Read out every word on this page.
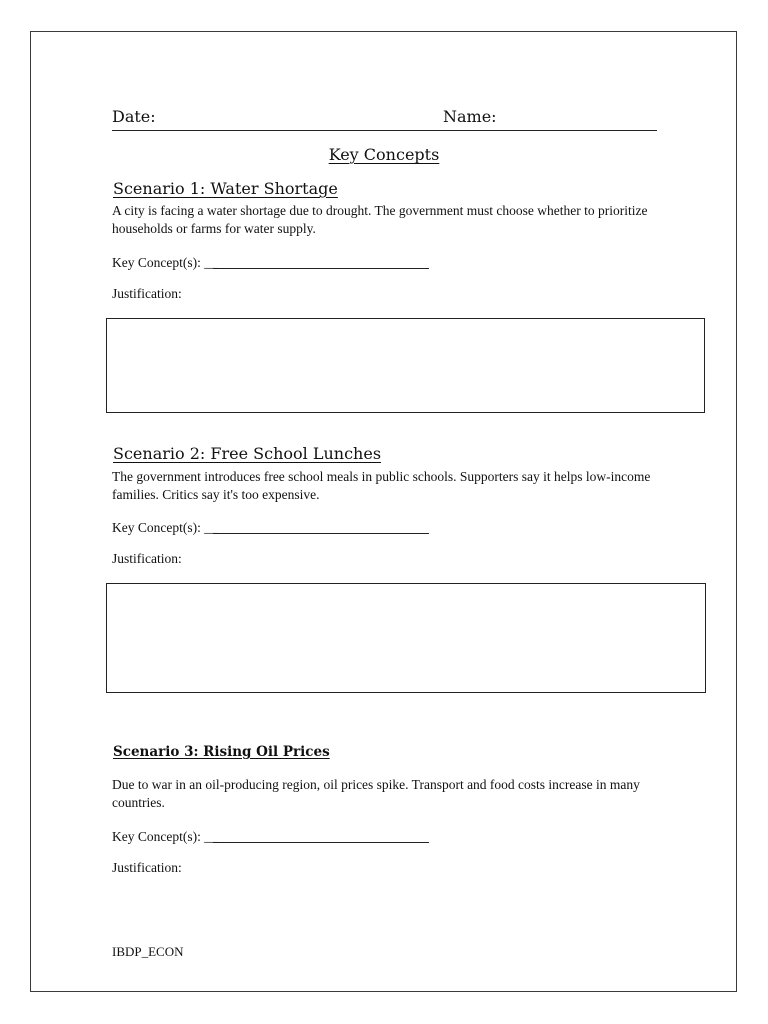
Date:	Name:
Key Concepts
Scenario 1: Water Shortage
A city is facing a water shortage due to drought. The government must choose whether to prioritize households or farms for water supply.
Key Concept(s): __
Justification:
Scenario 2: Free School Lunches
The government introduces free school meals in public schools. Supporters say it helps low-income families. Critics say it's too expensive.
Key Concept(s): __
Justification:
Scenario 3: Rising Oil Prices
Due to war in an oil-producing region, oil prices spike. Transport and food costs increase in many countries.
Key Concept(s): __
Justification:
IBDP_ECON
